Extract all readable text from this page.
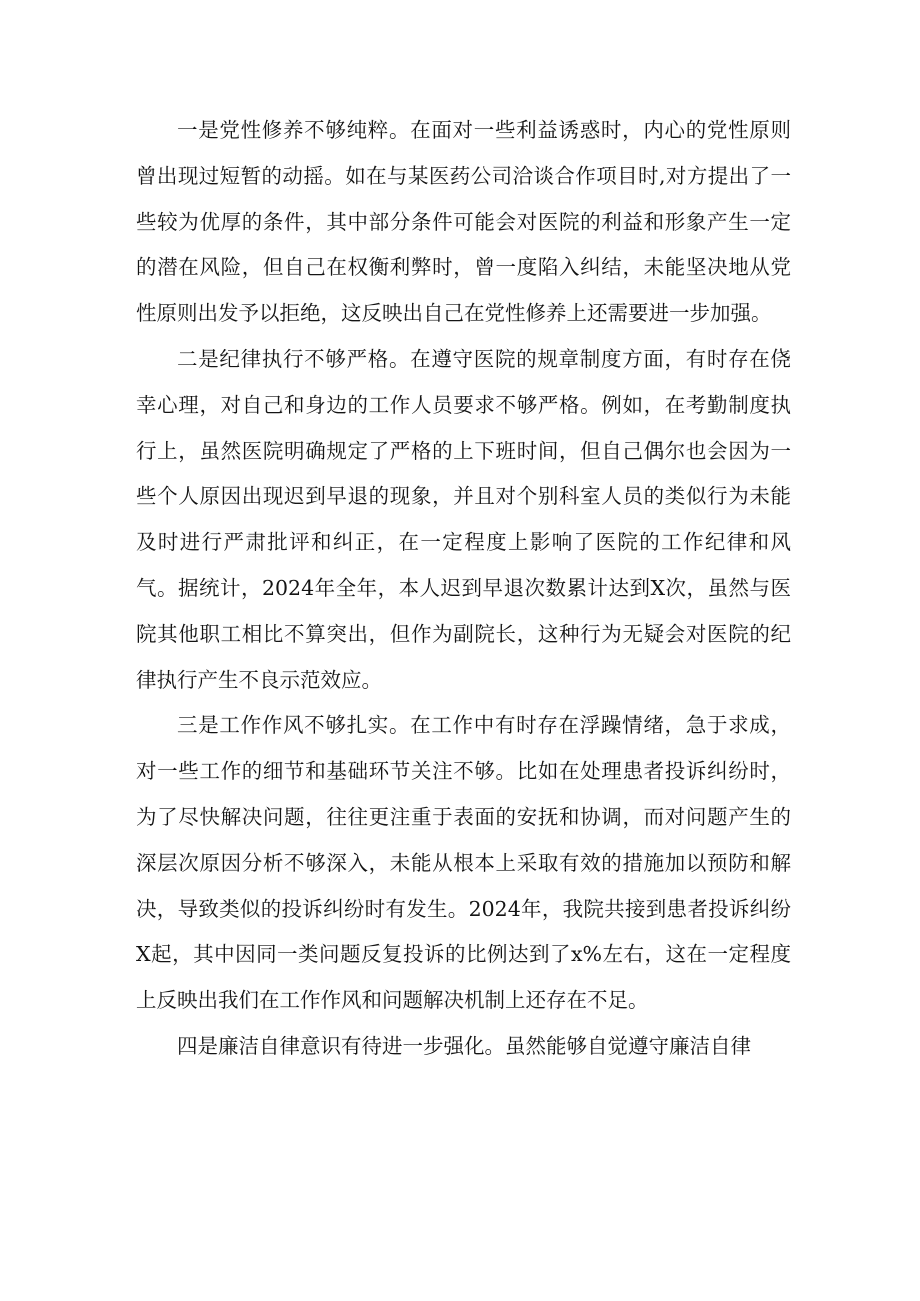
一是党性修养不够纯粹。在面对一些利益诱惑时，内心的党性原则曾出现过短暂的动摇。如在与某医药公司洽谈合作项目时,对方提出了一些较为优厚的条件，其中部分条件可能会对医院的利益和形象产生一定的潜在风险，但自己在权衡利弊时，曾一度陷入纠结，未能坚决地从党性原则出发予以拒绝，这反映出自己在党性修养上还需要进一步加强。

二是纪律执行不够严格。在遵守医院的规章制度方面，有时存在侥幸心理，对自己和身边的工作人员要求不够严格。例如，在考勤制度执行上，虽然医院明确规定了严格的上下班时间，但自己偶尔也会因为一些个人原因出现迟到早退的现象，并且对个别科室人员的类似行为未能及时进行严肃批评和纠正，在一定程度上影响了医院的工作纪律和风气。据统计，2024年全年，本人迟到早退次数累计达到X次，虽然与医院其他职工相比不算突出，但作为副院长，这种行为无疑会对医院的纪律执行产生不良示范效应。

三是工作作风不够扎实。在工作中有时存在浮躁情绪，急于求成，对一些工作的细节和基础环节关注不够。比如在处理患者投诉纠纷时，为了尽快解决问题，往往更注重于表面的安抚和协调，而对问题产生的深层次原因分析不够深入，未能从根本上采取有效的措施加以预防和解决，导致类似的投诉纠纷时有发生。2024年，我院共接到患者投诉纠纷X起，其中因同一类问题反复投诉的比例达到了x%左右，这在一定程度上反映出我们在工作作风和问题解决机制上还存在不足。

四是廉洁自律意识有待进一步强化。虽然能够自觉遵守廉洁自律
